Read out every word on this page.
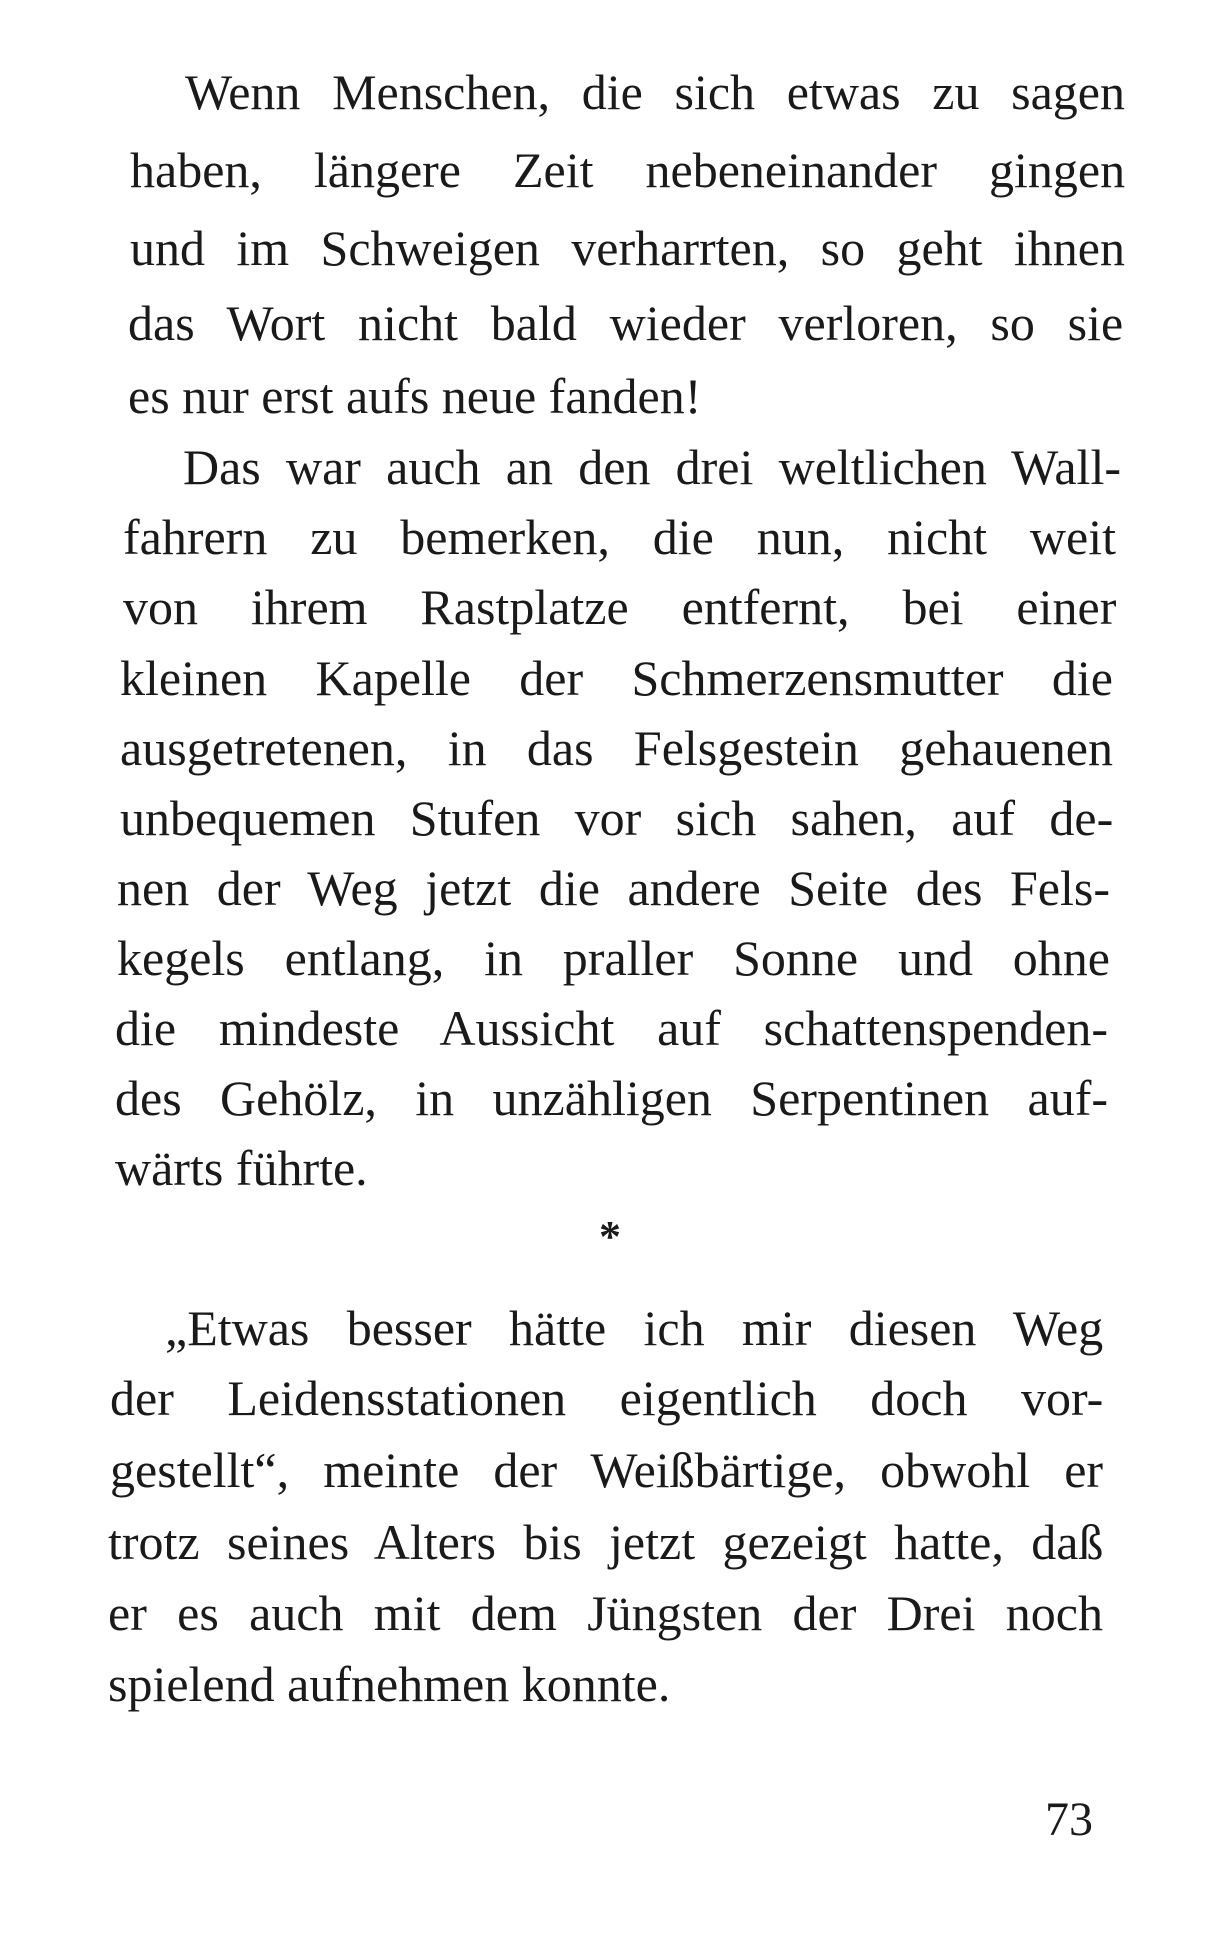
Wenn Menschen, die sich etwas zu sagen
haben, längere Zeit nebeneinander gingen
und im Schweigen verharrten, so geht ihnen
das Wort nicht bald wieder verloren, so sie
es nur erst aufs neue fanden!
Das war auch an den drei weltlichen Wall-
fahrern zu bemerken, die nun, nicht weit
von ihrem Rastplatze entfernt, bei einer
kleinen Kapelle der Schmerzensmutter die
ausgetretenen, in das Felsgestein gehauenen
unbequemen Stufen vor sich sahen, auf de-
nen der Weg jetzt die andere Seite des Fels-
kegels entlang, in praller Sonne und ohne
die mindeste Aussicht auf schattenspenden-
des Gehölz, in unzähligen Serpentinen auf-
wärts führte.
*
„Etwas besser hätte ich mir diesen Weg
der Leidensstationen eigentlich doch vor-
gestellt“, meinte der Weißbärtige, obwohl er
trotz seines Alters bis jetzt gezeigt hatte, daß
er es auch mit dem Jüngsten der Drei noch
spielend aufnehmen konnte.
73
